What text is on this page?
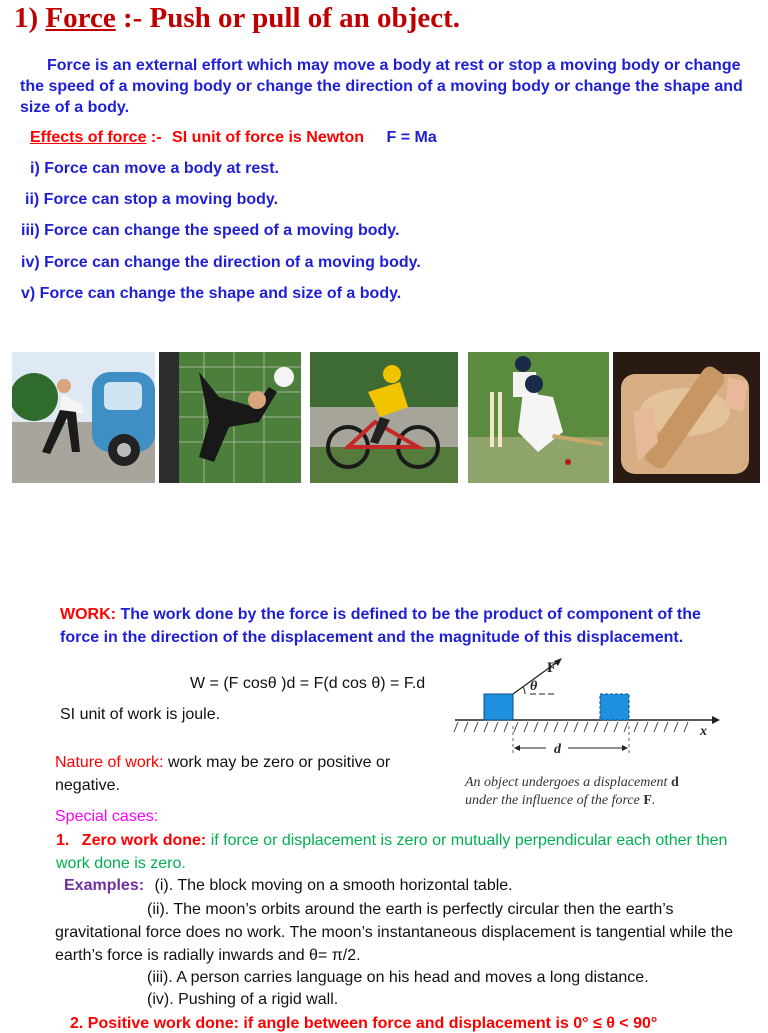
1) Force :- Push or pull of an object.
Force is an external effort which may move a body at rest or stop a moving body or change the speed of a moving body or change the direction of a moving body or change the shape and size of a body.
Effects of force :- SI unit of force is Newton F = Ma
i) Force can move a body at rest.
ii) Force can stop a moving body.
iii) Force can change the speed of a moving body.
iv) Force can change the direction of a moving body.
v) Force can change the shape and size of a body.
WORK: The work done by the force is defined to be the product of component of the force in the direction of the displacement and the magnitude of this displacement.
W = (F cosθ )d = F(d cos θ) = F.d
SI unit of work is joule.
Nature of work: work may be zero or positive or negative.
F
θ
d
x
An object undergoes a displacement d
under the influence of the force F.
Special cases:
1. Zero work done: if force or displacement is zero or mutually perpendicular each other then work done is zero.
Examples: (i). The block moving on a smooth horizontal table.
(ii). The moon’s orbits around the earth is perfectly circular then the earth’s gravitational force does no work. The moon’s instantaneous displacement is tangential while the earth’s force is radially inwards and θ= π/2.
(iii). A person carries language on his head and moves a long distance.
(iv). Pushing of a rigid wall.
2. Positive work done: if angle between force and displacement is 0° ≤ θ < 90°
